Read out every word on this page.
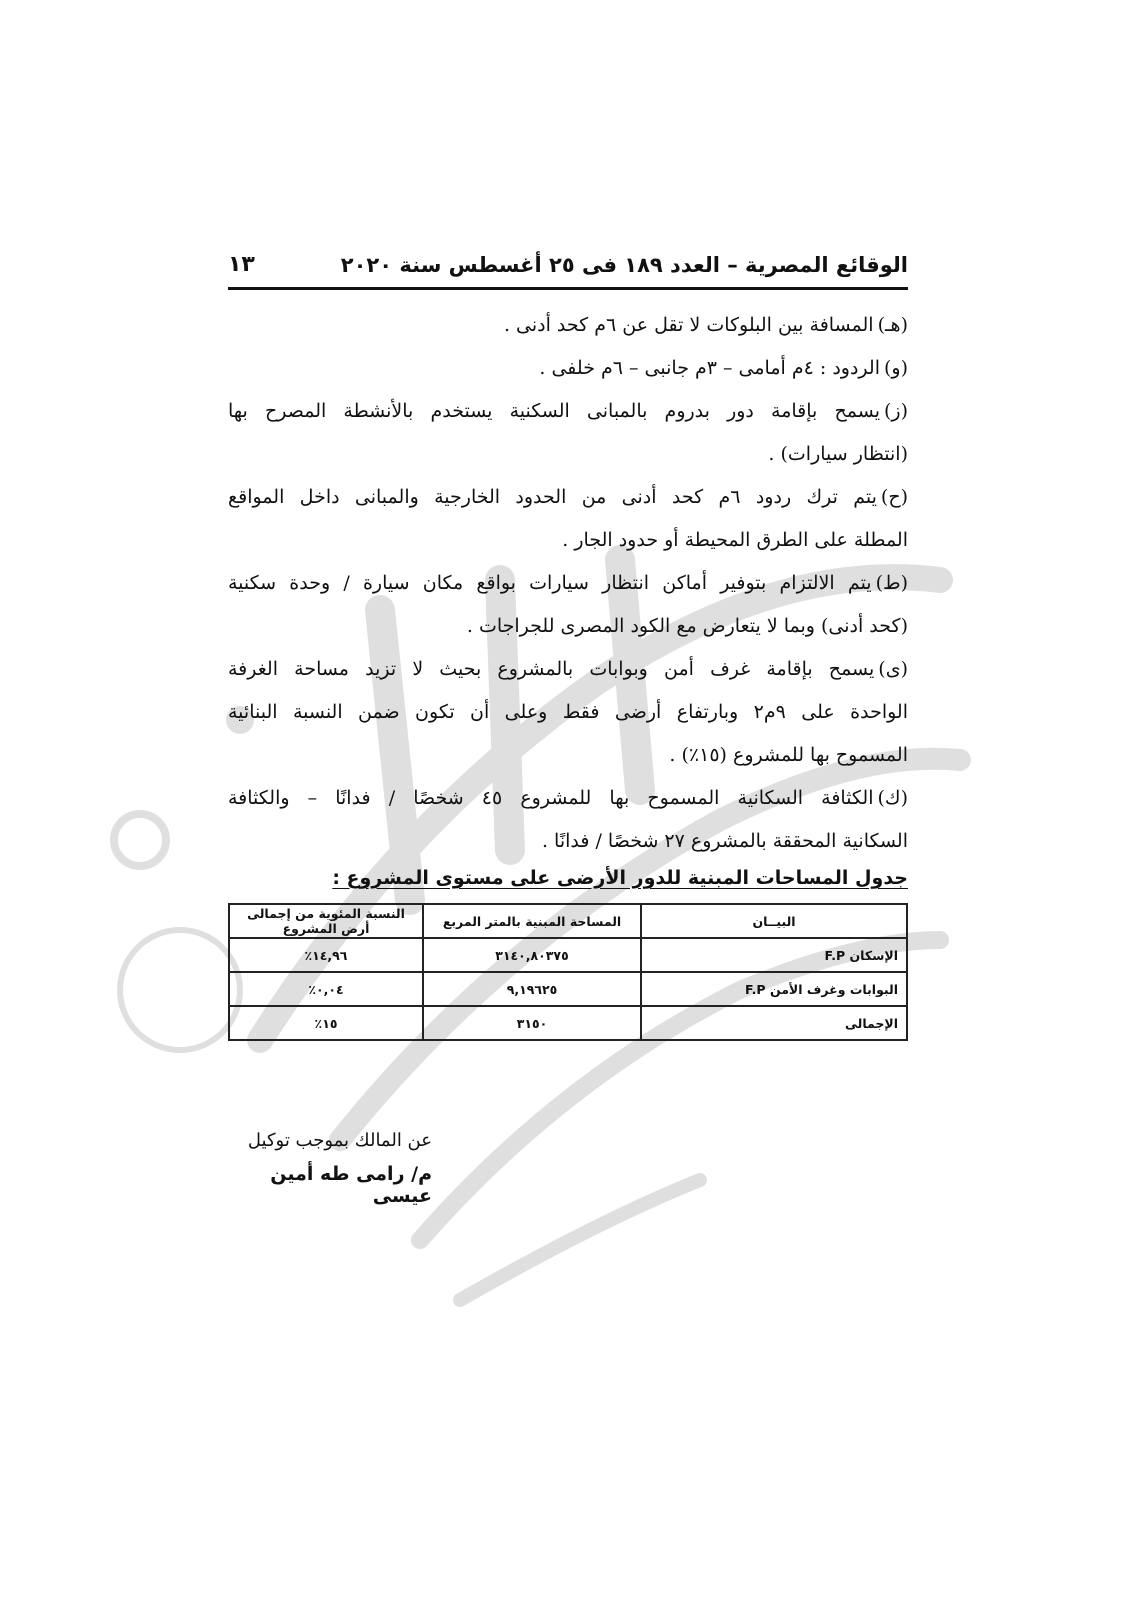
الوقائع المصرية – العدد ١٨٩ فى ٢٥ أغسطس سنة ٢٠٢٠
١٣
(هـ)
المسافة بين البلوكات لا تقل عن ٦م كحد أدنى .
(و)
الردود : ٤م أمامى – ٣م جانبى – ٦م خلفى .
(ز)
يسمح بإقامة دور بدروم بالمبانى السكنية يستخدم بالأنشطة المصرح بها
(انتظار سيارات) .
(ح)
يتم ترك ردود ٦م كحد أدنى من الحدود الخارجية والمبانى داخل المواقع
المطلة على الطرق المحيطة أو حدود الجار .
(ط)
يتم الالتزام بتوفير أماكن انتظار سيارات بواقع مكان سيارة / وحدة سكنية
(كحد أدنى) وبما لا يتعارض مع الكود المصرى للجراجات .
(ى)
يسمح بإقامة غرف أمن وبوابات بالمشروع بحيث لا تزيد مساحة الغرفة
الواحدة على ٩م٢ وبارتفاع أرضى فقط وعلى أن تكون ضمن النسبة البنائية
المسموح بها للمشروع (١٥٪) .
(ك)
الكثافة السكانية المسموح بها للمشروع ٤٥ شخصًا / فدانًا – والكثافة
السكانية المحققة بالمشروع ٢٧ شخصًا / فدانًا .
جدول المساحات المبنية للدور الأرضى على مستوى المشروع :
البيــان	المساحة المبنية بالمتر المربع	النسبة المئوية من إجمالى أرض المشروع
الإسكان F.P	٣١٤٠,٨٠٣٧٥	١٤,٩٦٪
البوابات وغرف الأمن F.P	٩,١٩٦٢٥	٠,٠٤٪
الإجمالى	٣١٥٠	١٥٪
عن المالك بموجب توكيل
م/ رامى طه أمين عيسى
